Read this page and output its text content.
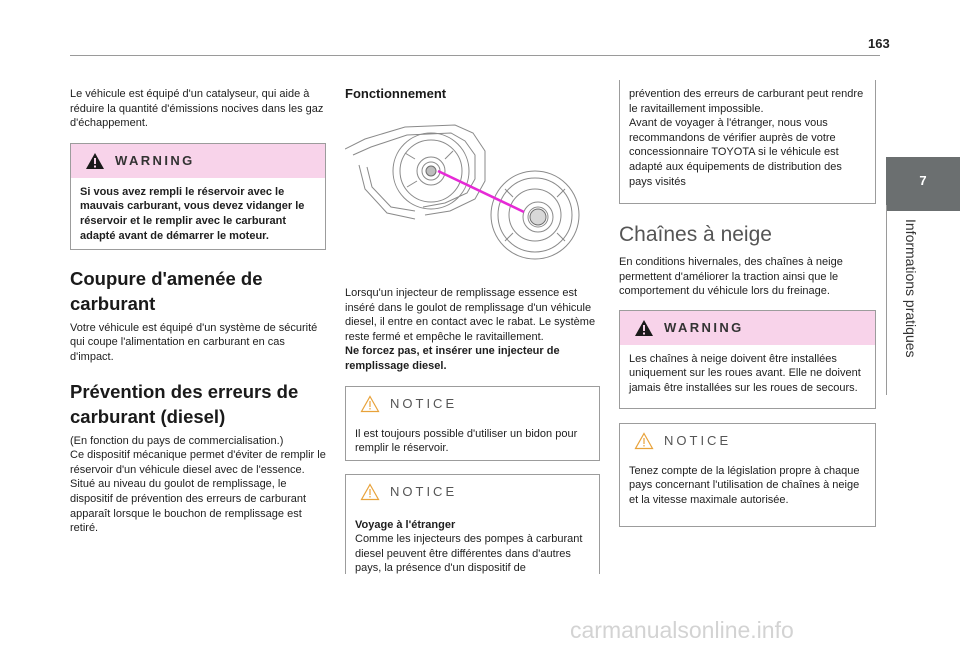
163
7
Informations pratiques

Le véhicule est équipé d'un catalyseur, qui aide à réduire la quantité d'émissions nocives dans les gaz d'échappement.

WARNING
Si vous avez rempli le réservoir avec le mauvais carburant, vous devez vidanger le réservoir et le remplir avec le carburant adapté avant de démarrer le moteur.
Coupure d'amenée de carburant

Votre véhicule est équipé d'un système de sécurité qui coupe l'alimentation en carburant en cas d'impact.

Prévention des erreurs de carburant (diesel)

(En fonction du pays de commercialisation.)

Ce dispositif mécanique permet d'éviter de remplir le réservoir d'un véhicule diesel avec de l'essence.

Situé au niveau du goulot de remplissage, le dispositif de prévention des erreurs de carburant apparaît lorsque le bouchon de remplissage est retiré.

Fonctionnement

Lorsqu'un injecteur de remplissage essence est inséré dans le goulot de remplissage d'un véhicule diesel, il entre en contact avec le rabat. Le système reste fermé et empêche le ravitaillement.

Ne forcez pas, et insérer une injecteur de remplissage diesel.

NOTICE
Il est toujours possible d'utiliser un bidon pour remplir le réservoir.
NOTICE
Voyage à l'étranger
Comme les injecteurs des pompes à carburant diesel peuvent être différentes dans d'autres pays, la présence d'un dispositif de

prévention des erreurs de carburant peut rendre le ravitaillement impossible.

Avant de voyager à l'étranger, nous vous recommandons de vérifier auprès de votre concessionnaire TOYOTA si le véhicule est adapté aux équipements de distribution des pays visités

Chaînes à neige

En conditions hivernales, des chaînes à neige permettent d'améliorer la traction ainsi que le comportement du véhicule lors du freinage.

WARNING
Les chaînes à neige doivent être installées uniquement sur les roues avant. Elle ne doivent jamais être installées sur les roues de secours.
NOTICE
Tenez compte de la législation propre à chaque pays concernant l'utilisation de chaînes à neige et la vitesse maximale autorisée.
carmanualsonline.info
